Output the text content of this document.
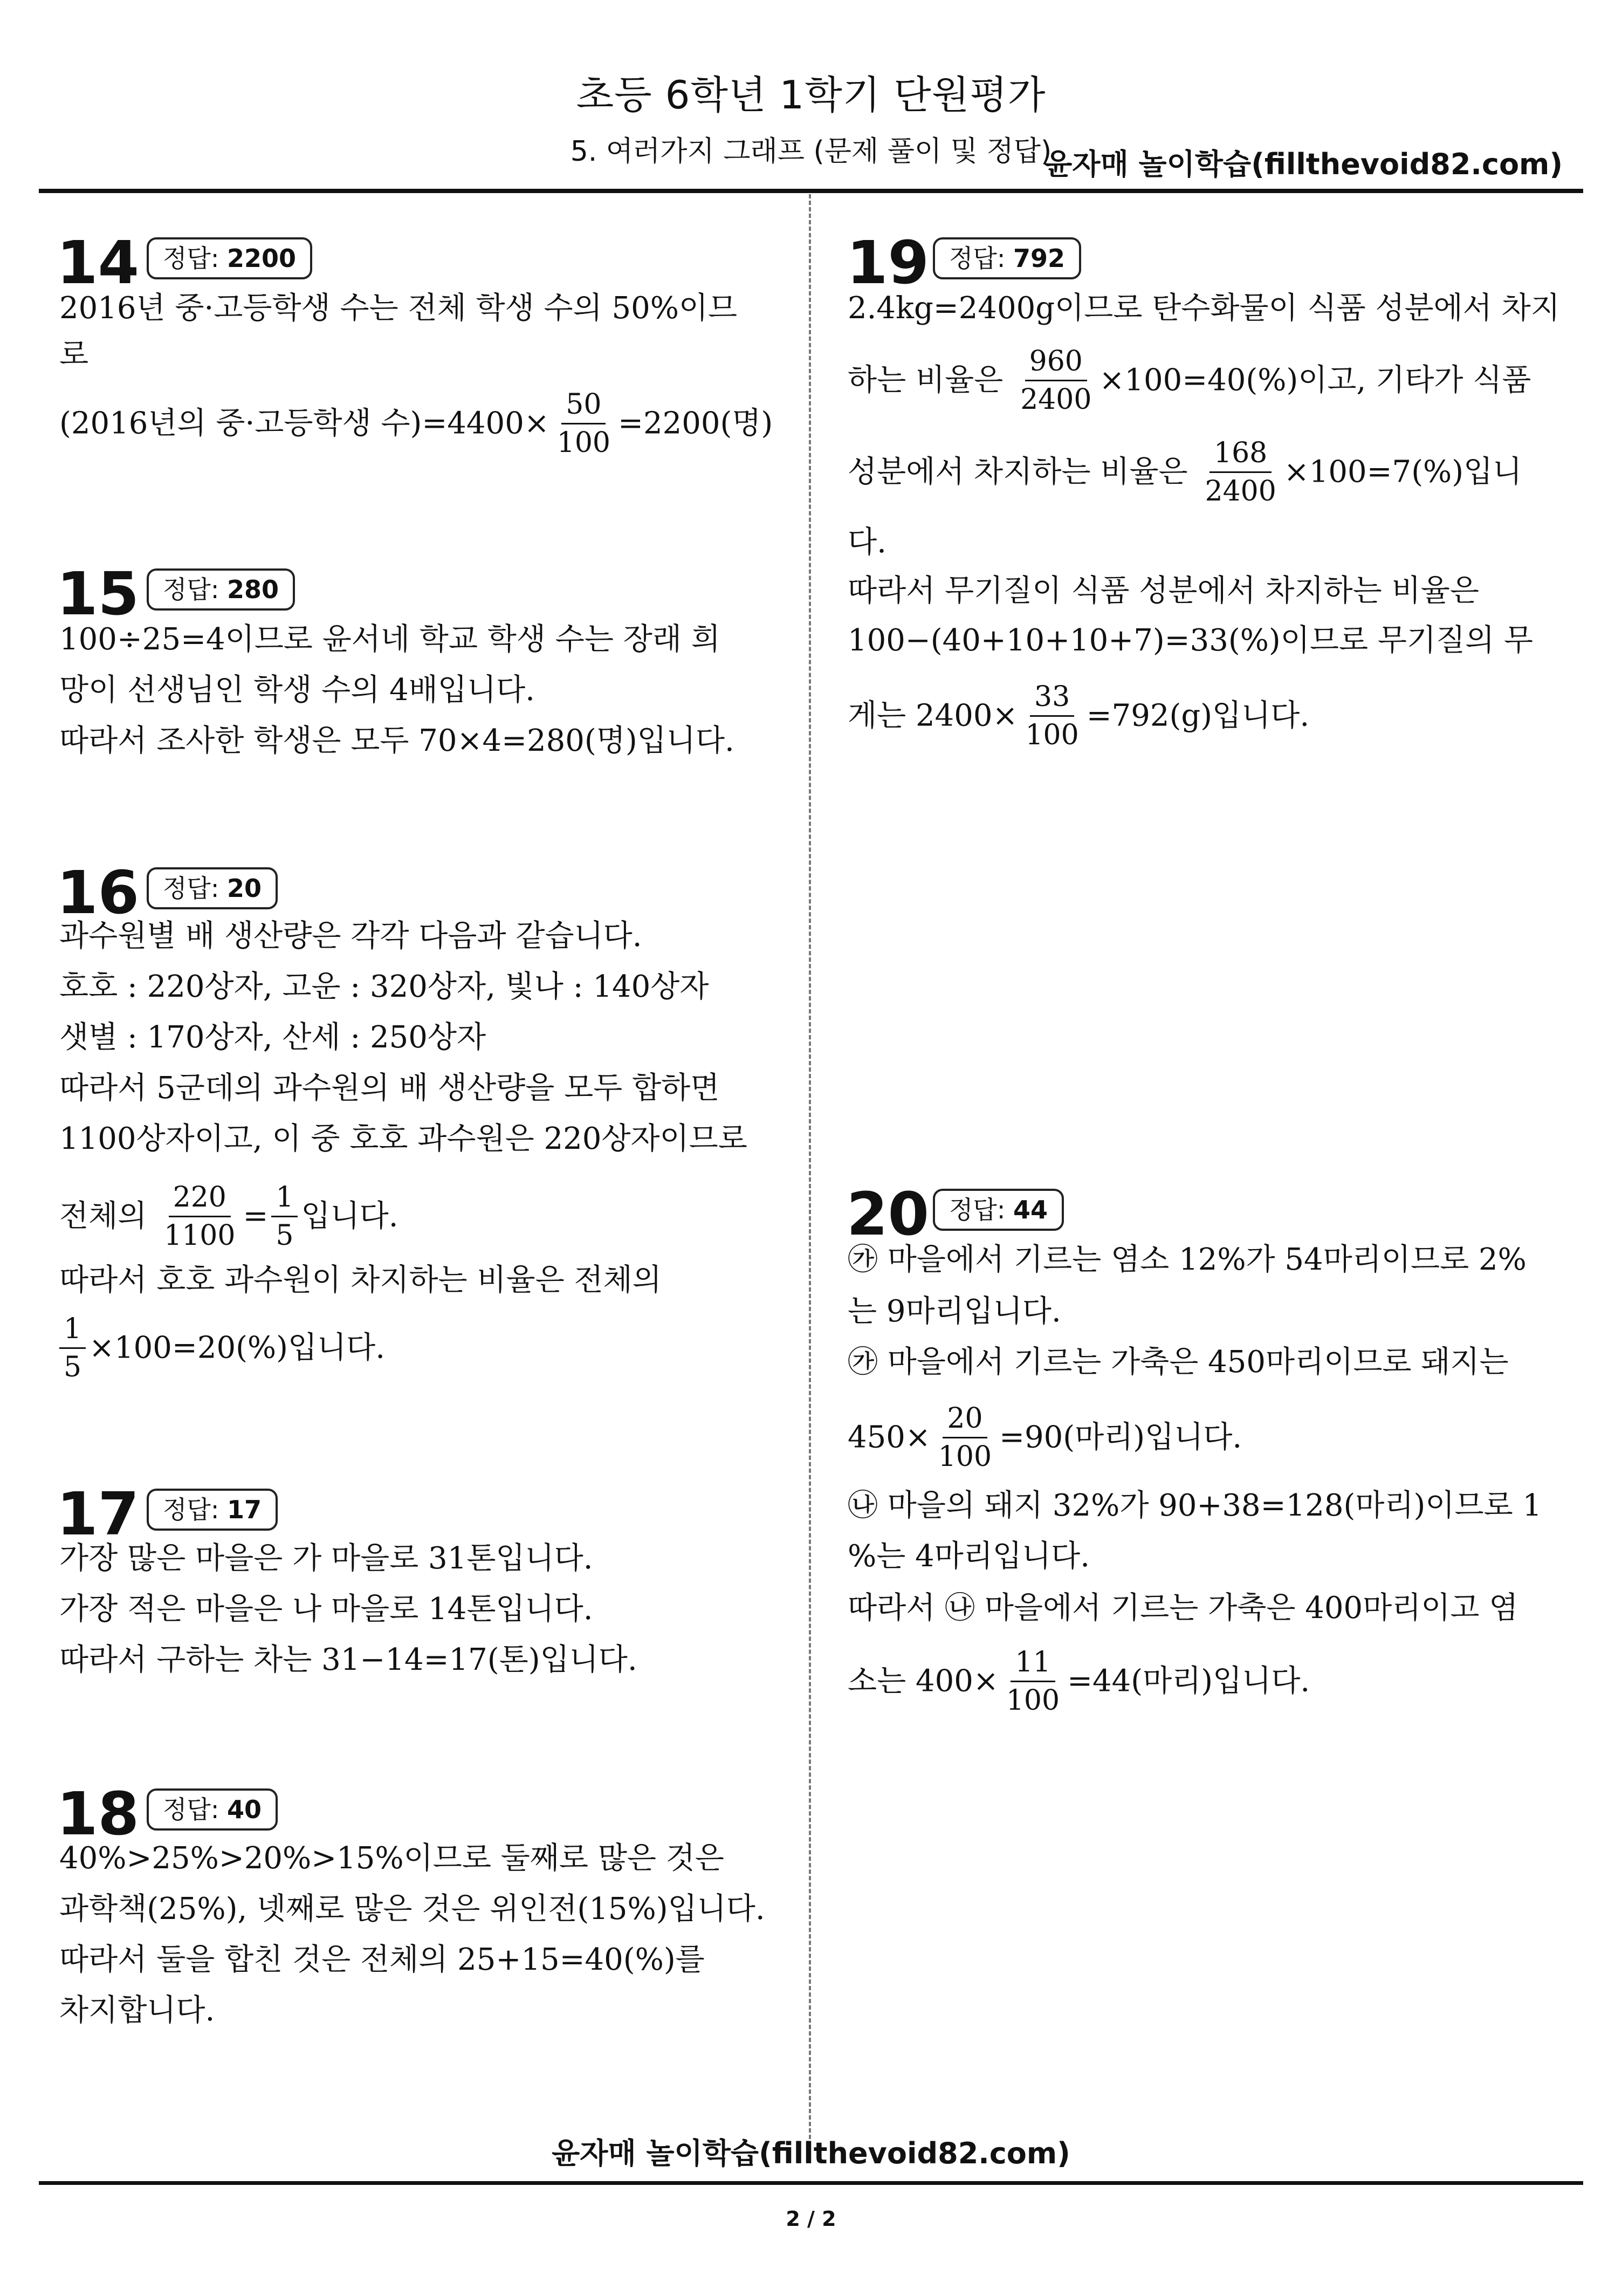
초등 6학년 1학기 단원평가
5. 여러가지 그래프 (문제 풀이 및 정답)
윤자매 놀이학습(fillthevoid82.com)
14 정답: 2200
2016년 중·고등학생 수는 전체 학생 수의 50%이므
로
(2016년의 중·고등학생 수)$=4400\times \frac{50}{100} =2200$(명)
15 정답: 280
100÷25=4이므로 윤서네 학교 학생 수는 장래 희
망이 선생님인 학생 수의 4배입니다.
따라서 조사한 학생은 모두 70×4=280(명)입니다.
16 정답: 20
과수원별 배 생산량은 각각 다음과 같습니다.
호호 : 220상자, 고운 : 320상자, 빛나 : 140상자
샛별 : 170상자, 산세 : 250상자
따라서 5군데의 과수원의 배 생산량을 모두 합하면
1100상자이고, 이 중 호호 과수원은 220상자이므로
전체의 $\frac{220}{1100} = \frac{1}{5}$ 입니다.
따라서 호호 과수원이 차지하는 비율은 전체의
$\frac{1}{5} \times 100=20(\%)$입니다.
17 정답: 17
가장 많은 마을은 가 마을로 31톤입니다.
가장 적은 마을은 나 마을로 14톤입니다.
따라서 구하는 차는 31−14=17(톤)입니다.
18 정답: 40
40%>25%>20%>15%이므로 둘째로 많은 것은
과학책(25%), 넷째로 많은 것은 위인전(15%)입니다.
따라서 둘을 합친 것은 전체의 25+15=40(%)를
차지합니다.
19 정답: 792
2.4kg=2400g이므로 탄수화물이 식품 성분에서 차지
하는 비율은 $\frac{960}{2400} \times 100=40(\%)$이고, 기타가 식품
성분에서 차지하는 비율은 $\frac{168}{2400} \times 100=7(\%)$입니
다.
따라서 무기질이 식품 성분에서 차지하는 비율은
100−(40+10+10+7)=33(%)이므로 무기질의 무
게는 $2400\times \frac{33}{100} =792(g)$입니다.
20 정답: 44
㉮ 마을에서 기르는 염소 12%가 54마리이므로 2%
는 9마리입니다.
㉮ 마을에서 기르는 가축은 450마리이므로 돼지는
$450\times \frac{20}{100} =90$(마리)입니다.
㉯ 마을의 돼지 32%가 90+38=128(마리)이므로 1
%는 4마리입니다.
따라서 ㉯ 마을에서 기르는 가축은 400마리이고 염
소는 $400\times \frac{11}{100} =44$(마리)입니다.
윤자매 놀이학습(fillthevoid82.com)
2 / 2
